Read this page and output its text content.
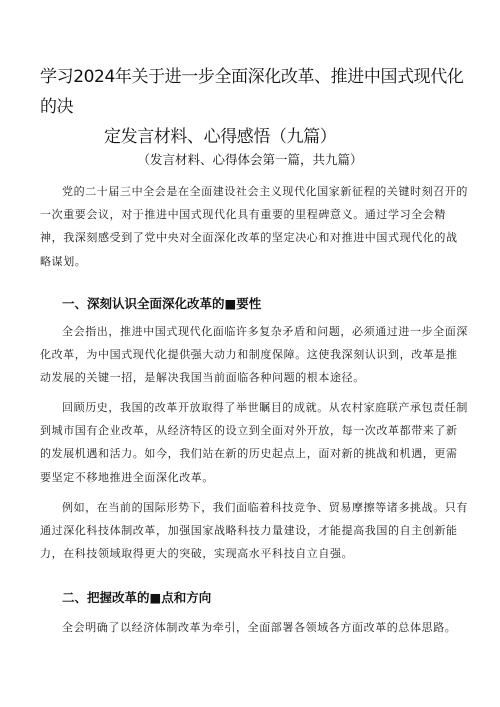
学习2024年关于进一步全面深化改革、推进中国式现代化的决
定发言材料、心得感悟（九篇）
（发言材料、心得体会第一篇，共九篇）

党的二十届三中全会是在全面建设社会主义现代化国家新征程的关键时刻召开的一次重要会议，对于推进中国式现代化具有重要的里程碑意义。通过学习全会精神，我深刻感受到了党中央对全面深化改革的坚定决心和对推进中国式现代化的战略谋划。

一、深刻认识全面深化改革的■要性

全会指出，推进中国式现代化面临许多复杂矛盾和问题，必须通过进一步全面深化改革，为中国式现代化提供强大动力和制度保障。这使我深刻认识到，改革是推动发展的关键一招，是解决我国当前面临各种问题的根本途径。

回顾历史，我国的改革开放取得了举世瞩目的成就。从农村家庭联产承包责任制到城市国有企业改革，从经济特区的设立到全面对外开放，每一次改革都带来了新的发展机遇和活力。如今，我们站在新的历史起点上，面对新的挑战和机遇，更需要坚定不移地推进全面深化改革。

例如，在当前的国际形势下，我们面临着科技竞争、贸易摩擦等诸多挑战。只有通过深化科技体制改革，加强国家战略科技力量建设，才能提高我国的自主创新能力，在科技领域取得更大的突破，实现高水平科技自立自强。

二、把握改革的■点和方向

全会明确了以经济体制改革为牵引，全面部署各领域各方面改革的总体思路。
